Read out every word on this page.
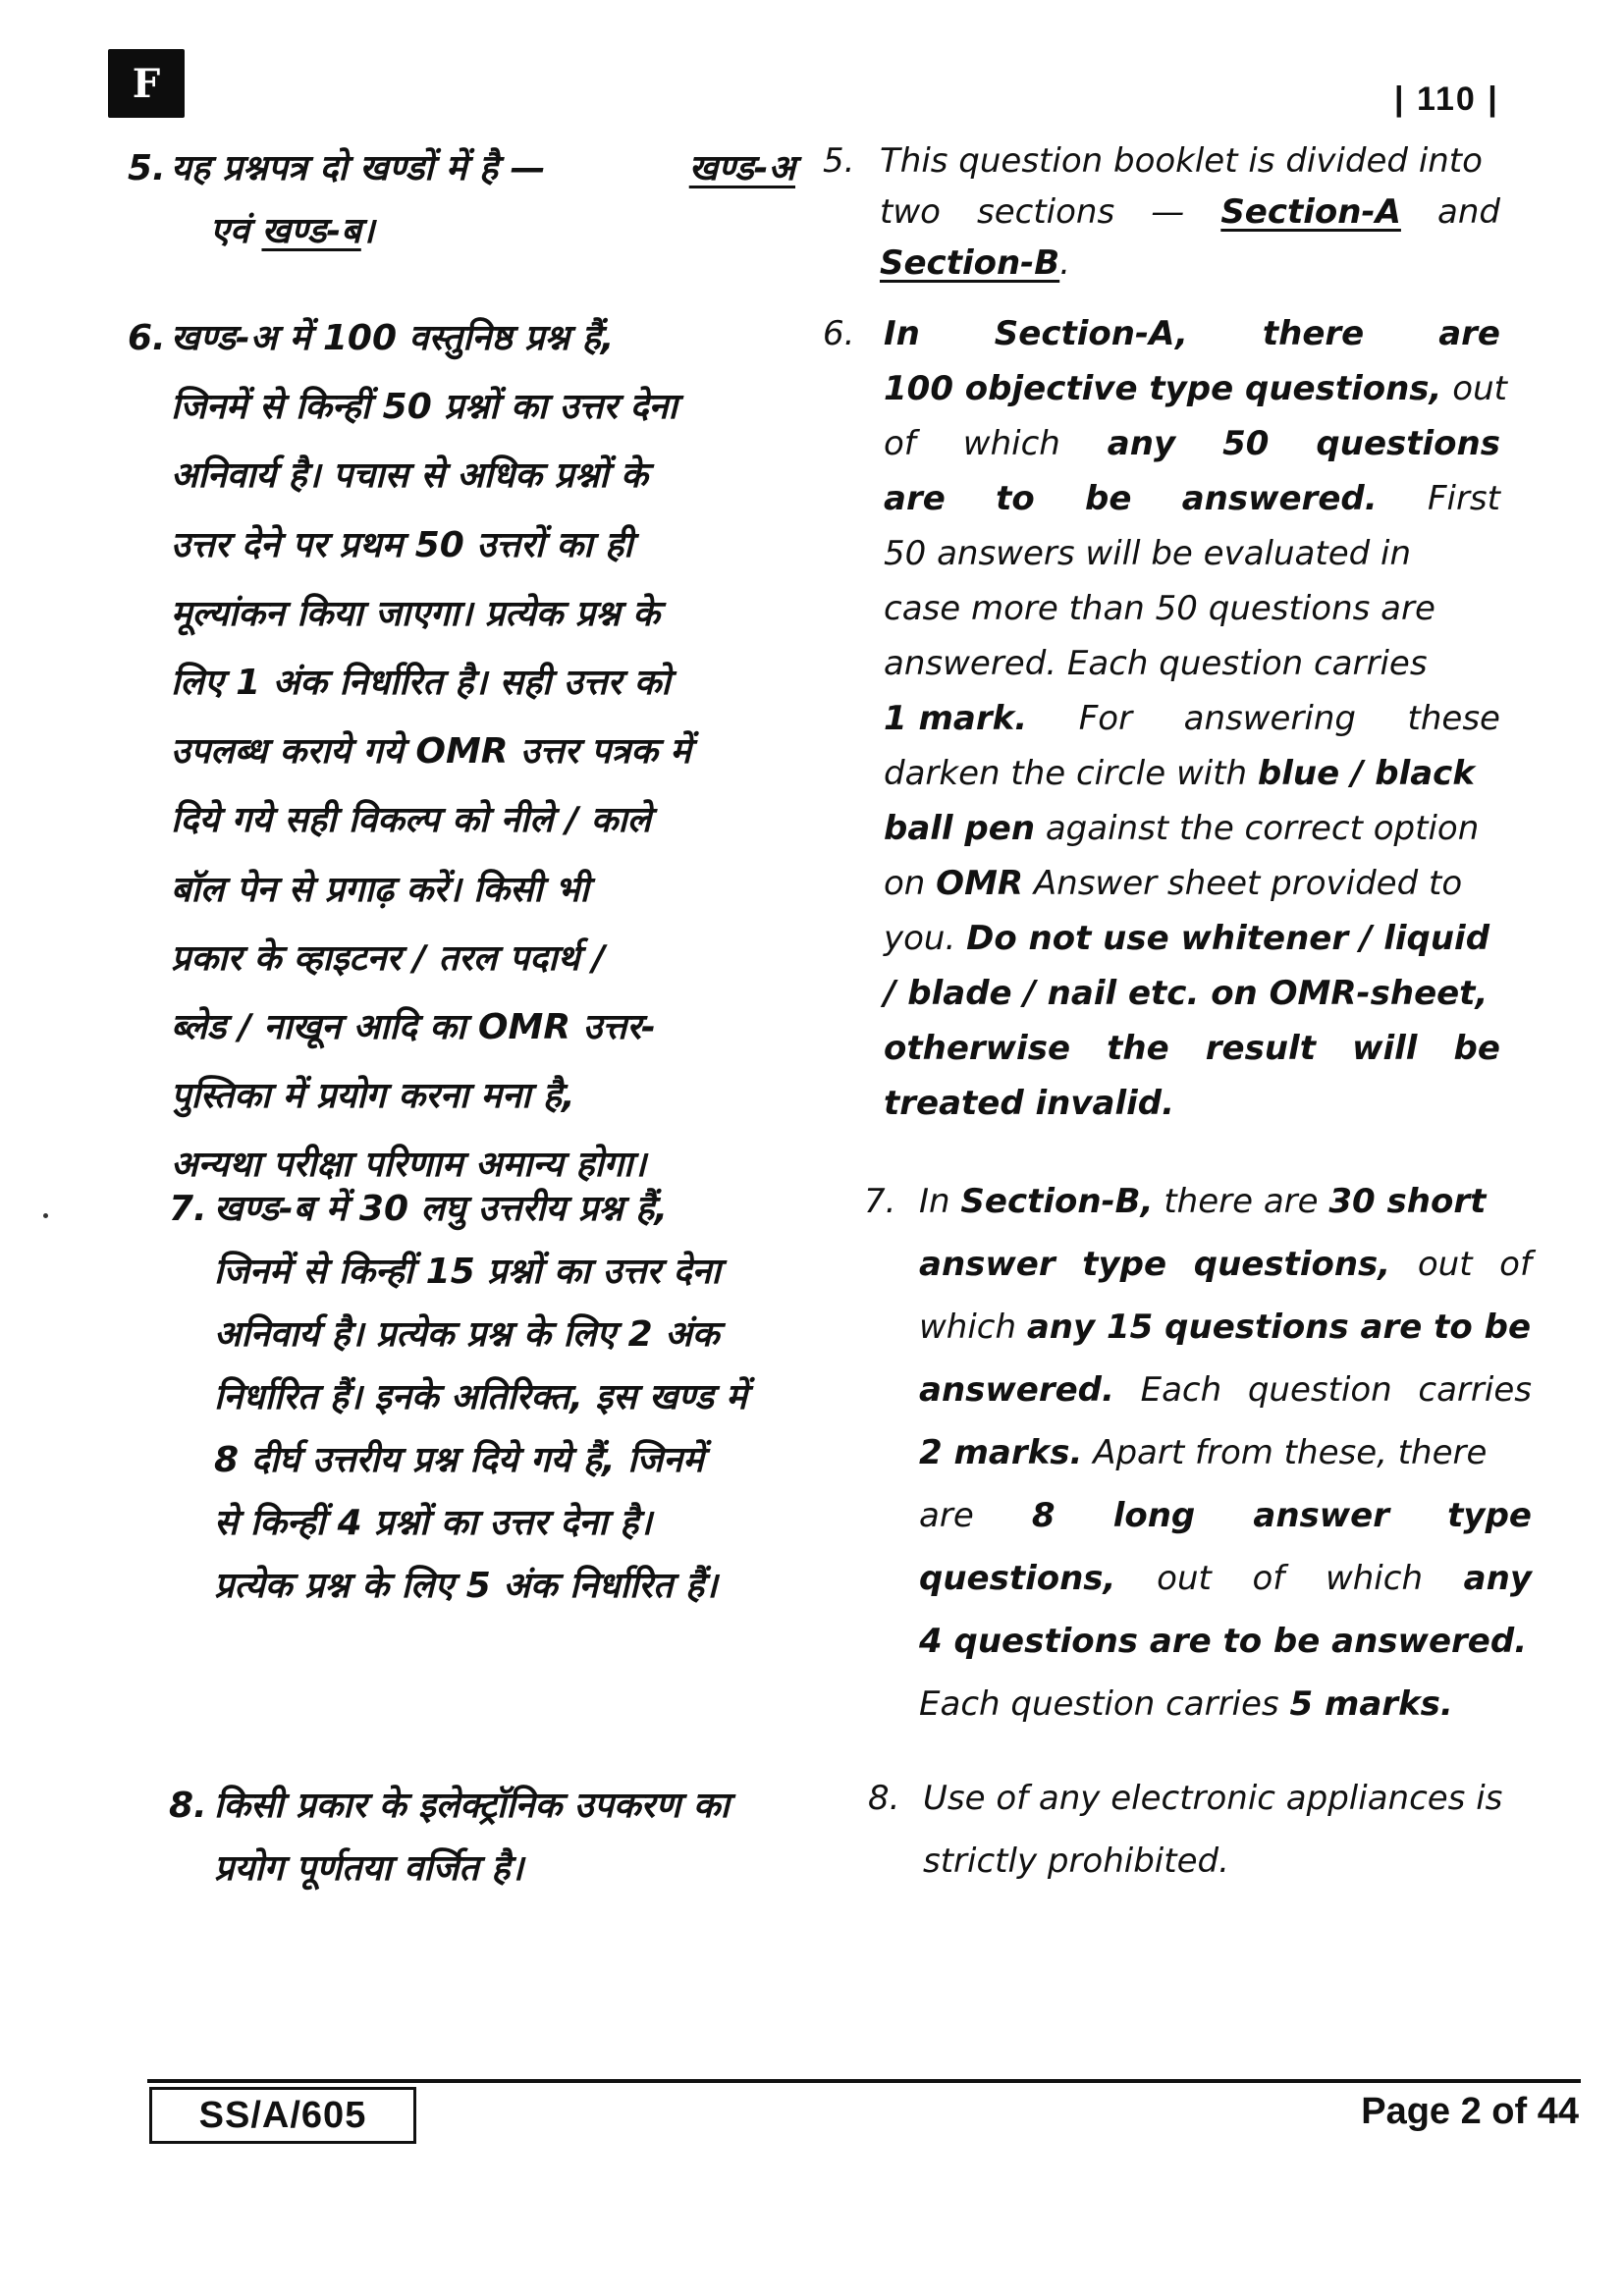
F	| 110 |
5. यह प्रश्नपत्र दो खण्डों में है —	खण्ड-अ
एवं खण्ड-ब।
6. खण्ड-अ में 100 वस्तुनिष्ठ प्रश्न हैं,
जिनमें से किन्हीं 50 प्रश्नों का उत्तर देना
अनिवार्य है। पचास से अधिक प्रश्नों के
उत्तर देने पर प्रथम 50 उत्तरों का ही
मूल्यांकन किया जाएगा। प्रत्येक प्रश्न के
लिए 1 अंक निर्धारित है। सही उत्तर को
उपलब्ध कराये गये OMR उत्तर पत्रक में
दिये गये सही विकल्प को नीले / काले
बॉल पेन से प्रगाढ़ करें। किसी भी
प्रकार के व्हाइटनर / तरल पदार्थ /
ब्लेड / नाखून आदि का OMR उत्तर-
पुस्तिका में प्रयोग करना मना है,
अन्यथा परीक्षा परिणाम अमान्य होगा।
7. खण्ड-ब में 30 लघु उत्तरीय प्रश्न हैं,
जिनमें से किन्हीं 15 प्रश्नों का उत्तर देना
अनिवार्य है। प्रत्येक प्रश्न के लिए 2 अंक
निर्धारित हैं। इनके अतिरिक्त, इस खण्ड में
8 दीर्घ उत्तरीय प्रश्न दिये गये हैं, जिनमें
से किन्हीं 4 प्रश्नों का उत्तर देना है।
प्रत्येक प्रश्न के लिए 5 अंक निर्धारित हैं।
8. किसी प्रकार के इलेक्ट्रॉनिक उपकरण का
प्रयोग पूर्णतया वर्जित है।
5. This question booklet is divided into
two sections — Section-A and
Section-B.
6. In Section-A, there are
100 objective type questions, out
of which any 50 questions
are to be answered. First
50 answers will be evaluated in
case more than 50 questions are
answered. Each question carries
1 mark. For answering these
darken the circle with blue / black
ball pen against the correct option
on OMR Answer sheet provided to
you. Do not use whitener / liquid
/ blade / nail etc. on OMR-sheet,
otherwise the result will be
treated invalid.
7. In Section-B, there are 30 short
answer type questions, out of
which any 15 questions are to be
answered. Each question carries
2 marks. Apart from these, there
are 8 long answer type
questions, out of which any
4 questions are to be answered.
Each question carries 5 marks.
8. Use of any electronic appliances is
strictly prohibited.
SS/A/605	Page 2 of 44
